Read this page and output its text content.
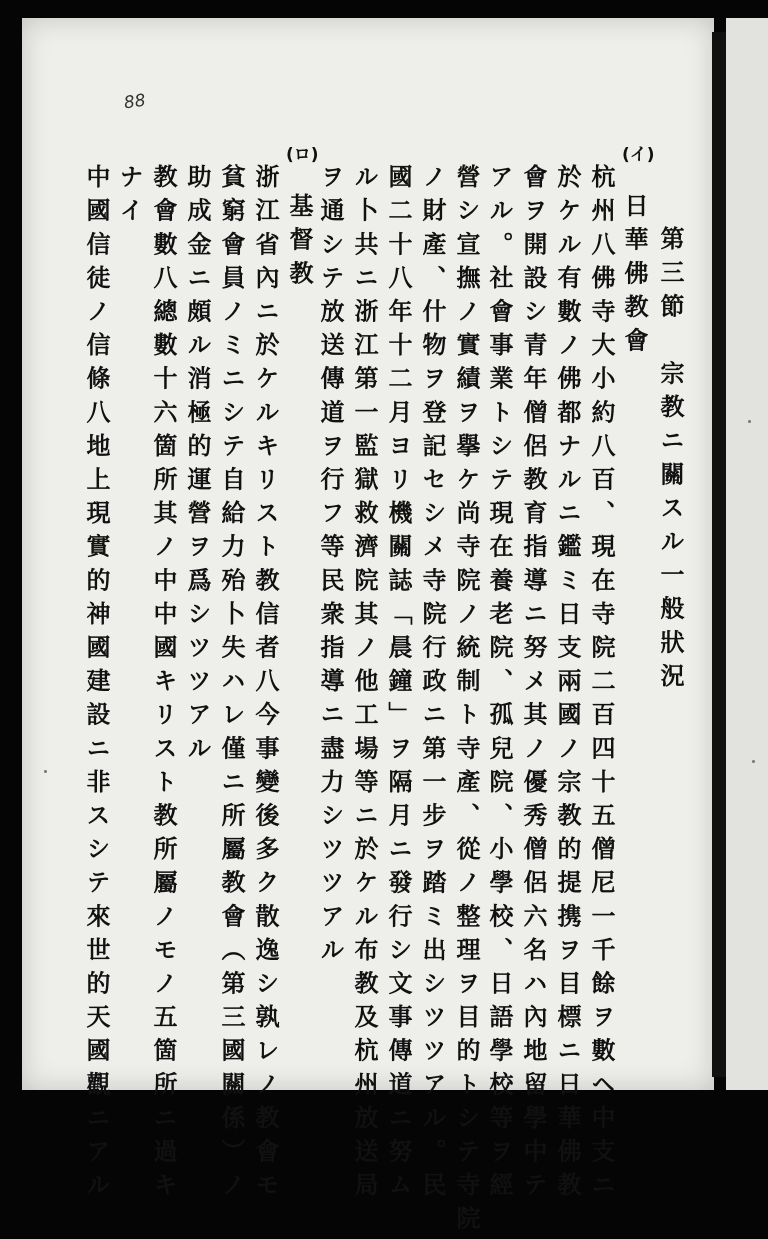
88
(イ)
(ロ)
第三節　宗教ニ關スル一般狀況
日華佛教會
杭州八佛寺大小約八百、現在寺院二百四十五僧尼一千餘ヲ數ヘ中支ニ
於ケル有數ノ佛都ナルニ鑑ミ日支兩國ノ宗教的提携ヲ目標ニ日華佛教
會ヲ開設シ青年僧侶教育指導ニ努メ其ノ優秀僧侶六名ハ內地留學中テ
アル。社會事業トシテ現在養老院、孤兒院、小學校、日語學校等ヲ經
營シ宣撫ノ實績ヲ擧ケ尚寺院ノ統制ト寺產、從ノ整理ヲ目的トシテ寺院
ノ財產、什物ヲ登記セシメ寺院行政ニ第一步ヲ踏ミ出シツツアル。民
國二十八年十二月ヨリ機關誌「晨鐘」ヲ隔月ニ發行シ文事傳道ニ努ム
ル卜共ニ浙江第一監獄救濟院其ノ他工場等ニ於ケル布教及杭州放送局
ヲ通シテ放送傳道ヲ行フ等民衆指導ニ盡力シツツアル
基督教
浙江省內ニ於ケルキリスト教信者八今事變後多ク散逸シ孰レノ教會モ
貧窮會員ノミニシテ自給力殆卜失ハレ僅ニ所屬教會（第三國關係）ノ
助成金ニ頗ル消極的運營ヲ爲シツツアル
教會數八總數十六箇所其ノ中中國キリスト教所屬ノモノ五箇所ニ過キ
ナイ
中國信徒ノ信條八地上現實的神國建設ニ非スシテ來世的天國觀ニアル
